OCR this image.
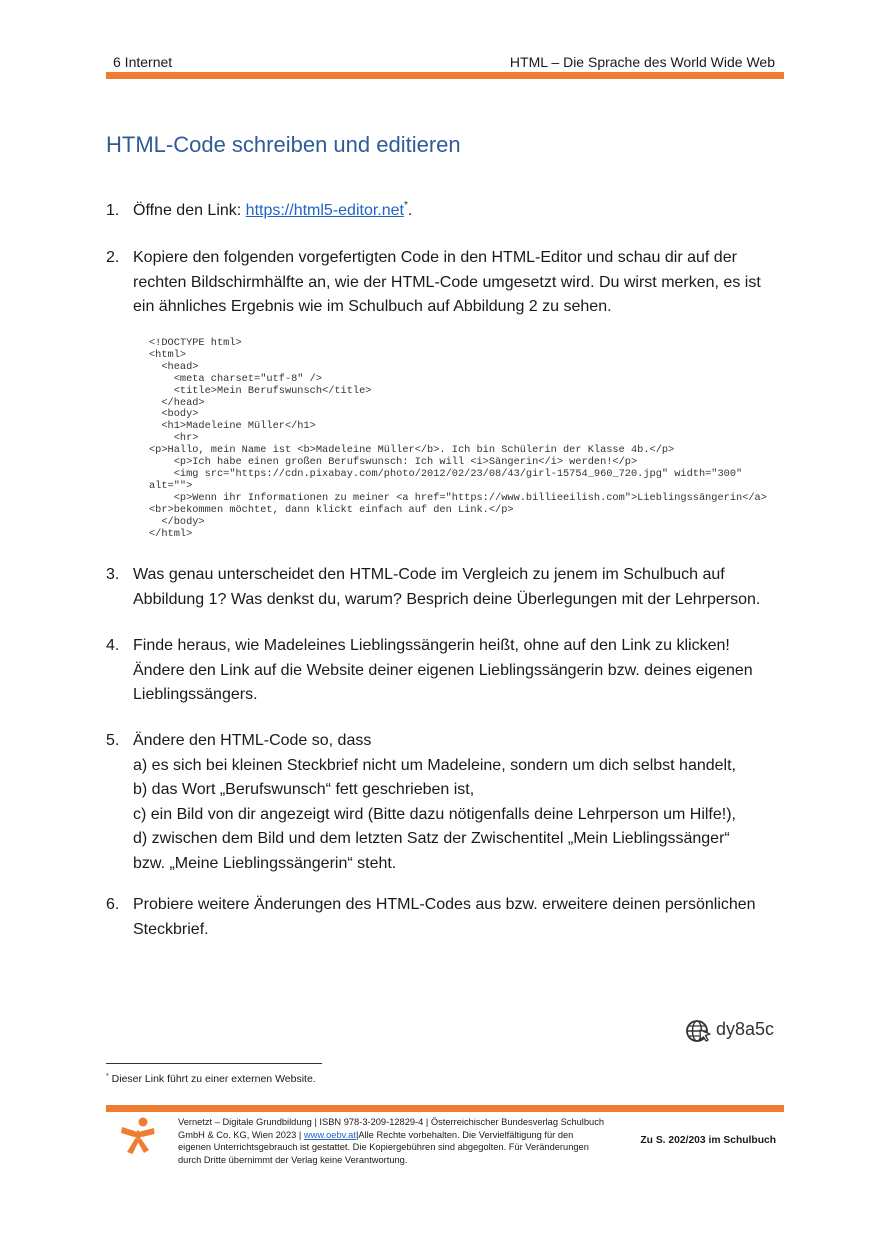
6 Internet	HTML – Die Sprache des World Wide Web
HTML-Code schreiben und editieren
1. Öffne den Link: https://html5-editor.net*.
2. Kopiere den folgenden vorgefertigten Code in den HTML-Editor und schau dir auf der rechten Bildschirmhälfte an, wie der HTML-Code umgesetzt wird. Du wirst merken, es ist ein ähnliches Ergebnis wie im Schulbuch auf Abbildung 2 zu sehen.
<!DOCTYPE html>
<html>
<head>
<meta charset="utf-8" />
<title>Mein Berufswunsch</title>
</head>
<body>
<h1>Madeleine Müller</h1>
<hr>
<p>Hallo, mein Name ist <b>Madeleine Müller</b>. Ich bin Schülerin der Klasse 4b.</p>
<p>Ich habe einen großen Berufswunsch: Ich will <i>Sängerin</i> werden!</p>
<img src="https://cdn.pixabay.com/photo/2012/02/23/08/43/girl-15754_960_720.jpg" width="300"
alt="">
<p>Wenn ihr Informationen zu meiner <a href="https://www.billieeilish.com">Lieblingssängerin</a>
<br>bekommen möchtet, dann klickt einfach auf den Link.</p>
</body>
</html>
3. Was genau unterscheidet den HTML-Code im Vergleich zu jenem im Schulbuch auf Abbildung 1? Was denkst du, warum? Besprich deine Überlegungen mit der Lehrperson.
4. Finde heraus, wie Madeleines Lieblingssängerin heißt, ohne auf den Link zu klicken! Ändere den Link auf die Website deiner eigenen Lieblingssängerin bzw. deines eigenen Lieblingssängers.
5. Ändere den HTML-Code so, dass
a) es sich bei kleinen Steckbrief nicht um Madeleine, sondern um dich selbst handelt,
b) das Wort „Berufswunsch“ fett geschrieben ist,
c) ein Bild von dir angezeigt wird (Bitte dazu nötigenfalls deine Lehrperson um Hilfe!),
d) zwischen dem Bild und dem letzten Satz der Zwischentitel „Mein Lieblingssänger“
bzw. „Meine Lieblingssängerin“ steht.
6. Probiere weitere Änderungen des HTML-Codes aus bzw. erweitere deinen persönlichen Steckbrief.
dy8a5c
* Dieser Link führt zu einer externen Website.
Vernetzt – Digitale Grundbildung | ISBN 978-3-209-12829-4 | Österreichischer Bundesverlag Schulbuch
GmbH & Co. KG, Wien 2023 | www.oebv.at|Alle Rechte vorbehalten. Die Vervielfältigung für den
eigenen Unterrichtsgebrauch ist gestattet. Die Kopiergebühren sind abgegolten. Für Veränderungen
durch Dritte übernimmt der Verlag keine Verantwortung.
Zu S. 202/203 im Schulbuch
